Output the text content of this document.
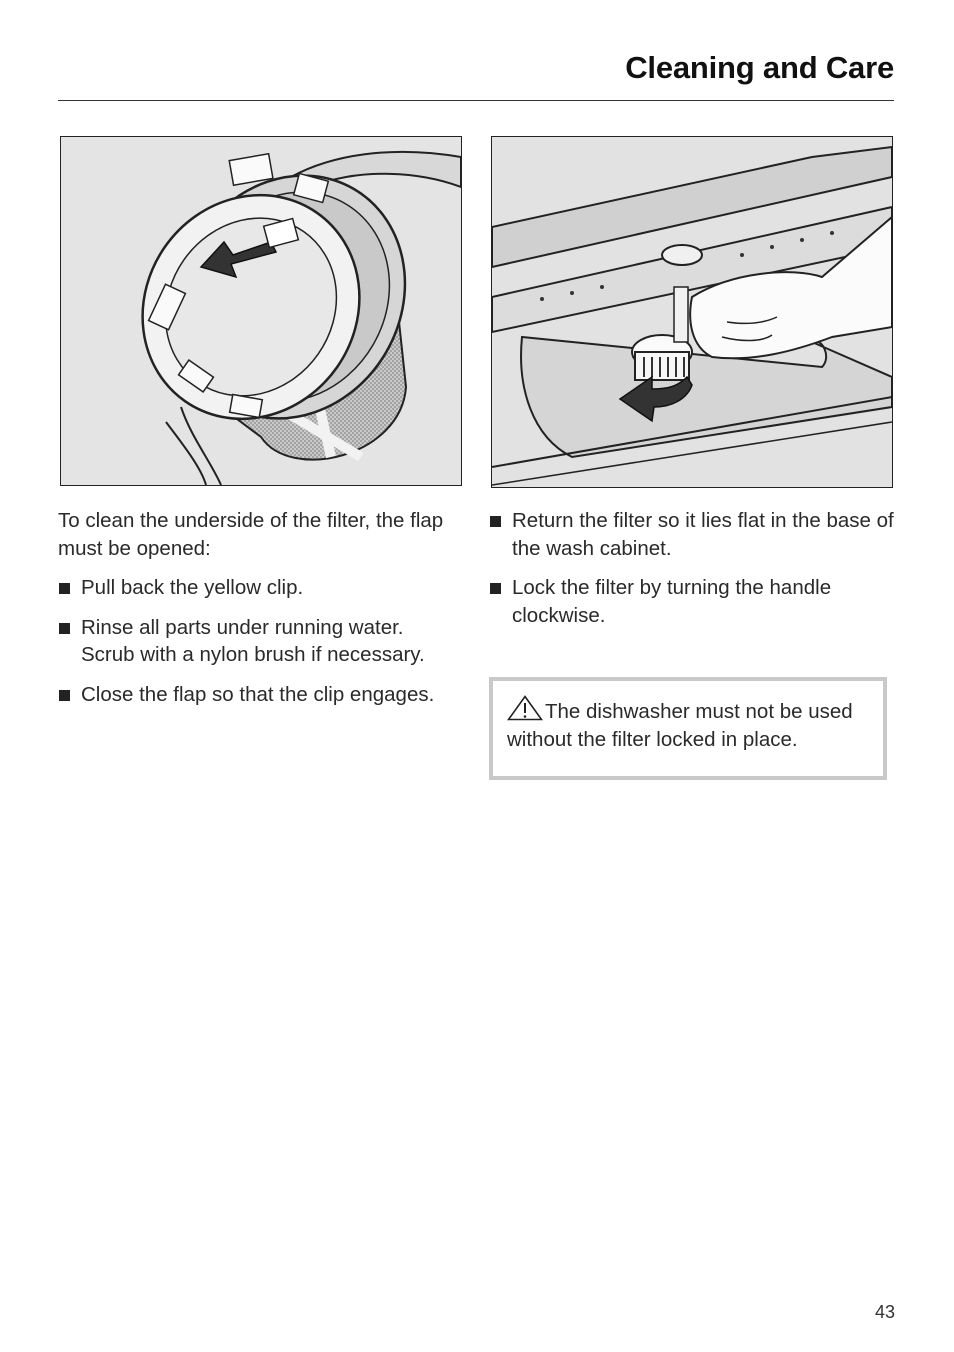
Cleaning and Care

To clean the underside of the filter, the flap must be opened:

Pull back the yellow clip.
Rinse all parts under running water. Scrub with a nylon brush if necessary.
Close the flap so that the clip engages.
Return the filter so it lies flat in the base of the wash cabinet.
Lock the filter by turning the handle clockwise.
The dishwasher must not be used without the filter locked in place.
43
